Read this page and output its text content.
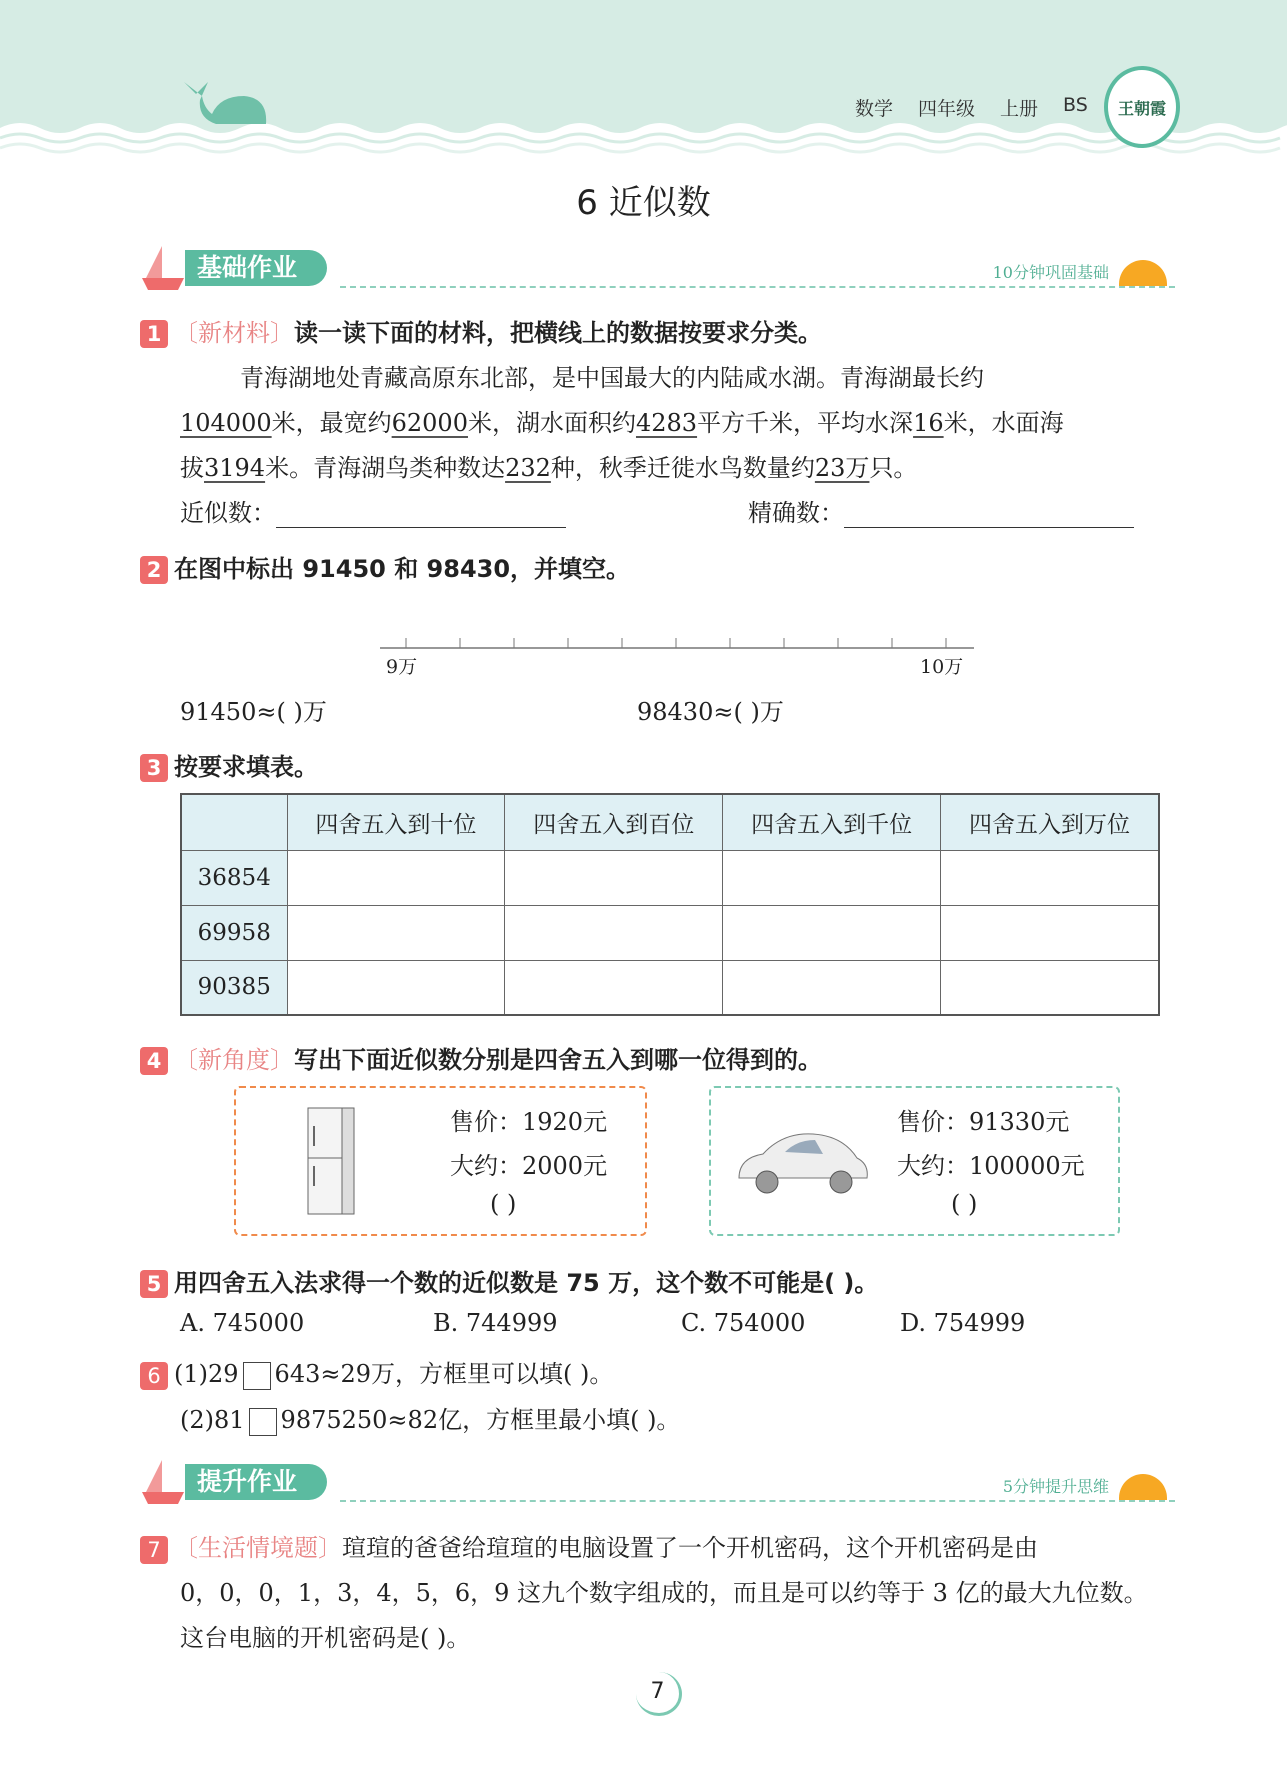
数学 四年级 上册 BS 王朝霞
6 近似数
基础作业	10分钟巩固基础
1 〔新材料〕读一读下面的材料，把横线上的数据按要求分类。
青海湖地处青藏高原东北部，是中国最大的内陆咸水湖。青海湖最长约
104000米，最宽约62000米，湖水面积约4283平方千米，平均水深16米，水面海
拔3194米。青海湖鸟类种数达232种，秋季迁徙水鸟数量约23万只。
近似数：	精确数：
2 在图中标出 91450 和 98430，并填空。
9万	10万
91450≈( )万	98430≈( )万
3 按要求填表。
	四舍五入到十位	四舍五入到百位	四舍五入到千位	四舍五入到万位
36854				
69958				
90385				
4 〔新角度〕写出下面近似数分别是四舍五入到哪一位得到的。
售价：1920元
大约：2000元
( )
售价：91330元
大约：100000元
( )
5 用四舍五入法求得一个数的近似数是 75 万，这个数不可能是( )。
A. 745000	B. 744999	C. 754000	D. 754999
6 (1)29 643≈29万，方框里可以填( )。
(2)81 9875250≈82亿，方框里最小填( )。
提升作业	5分钟提升思维
7 〔生活情境题〕瑄瑄的爸爸给瑄瑄的电脑设置了一个开机密码，这个开机密码是由
0，0，0，1，3，4，5，6，9 这九个数字组成的，而且是可以约等于 3 亿的最大九位数。
这台电脑的开机密码是( )。
7
